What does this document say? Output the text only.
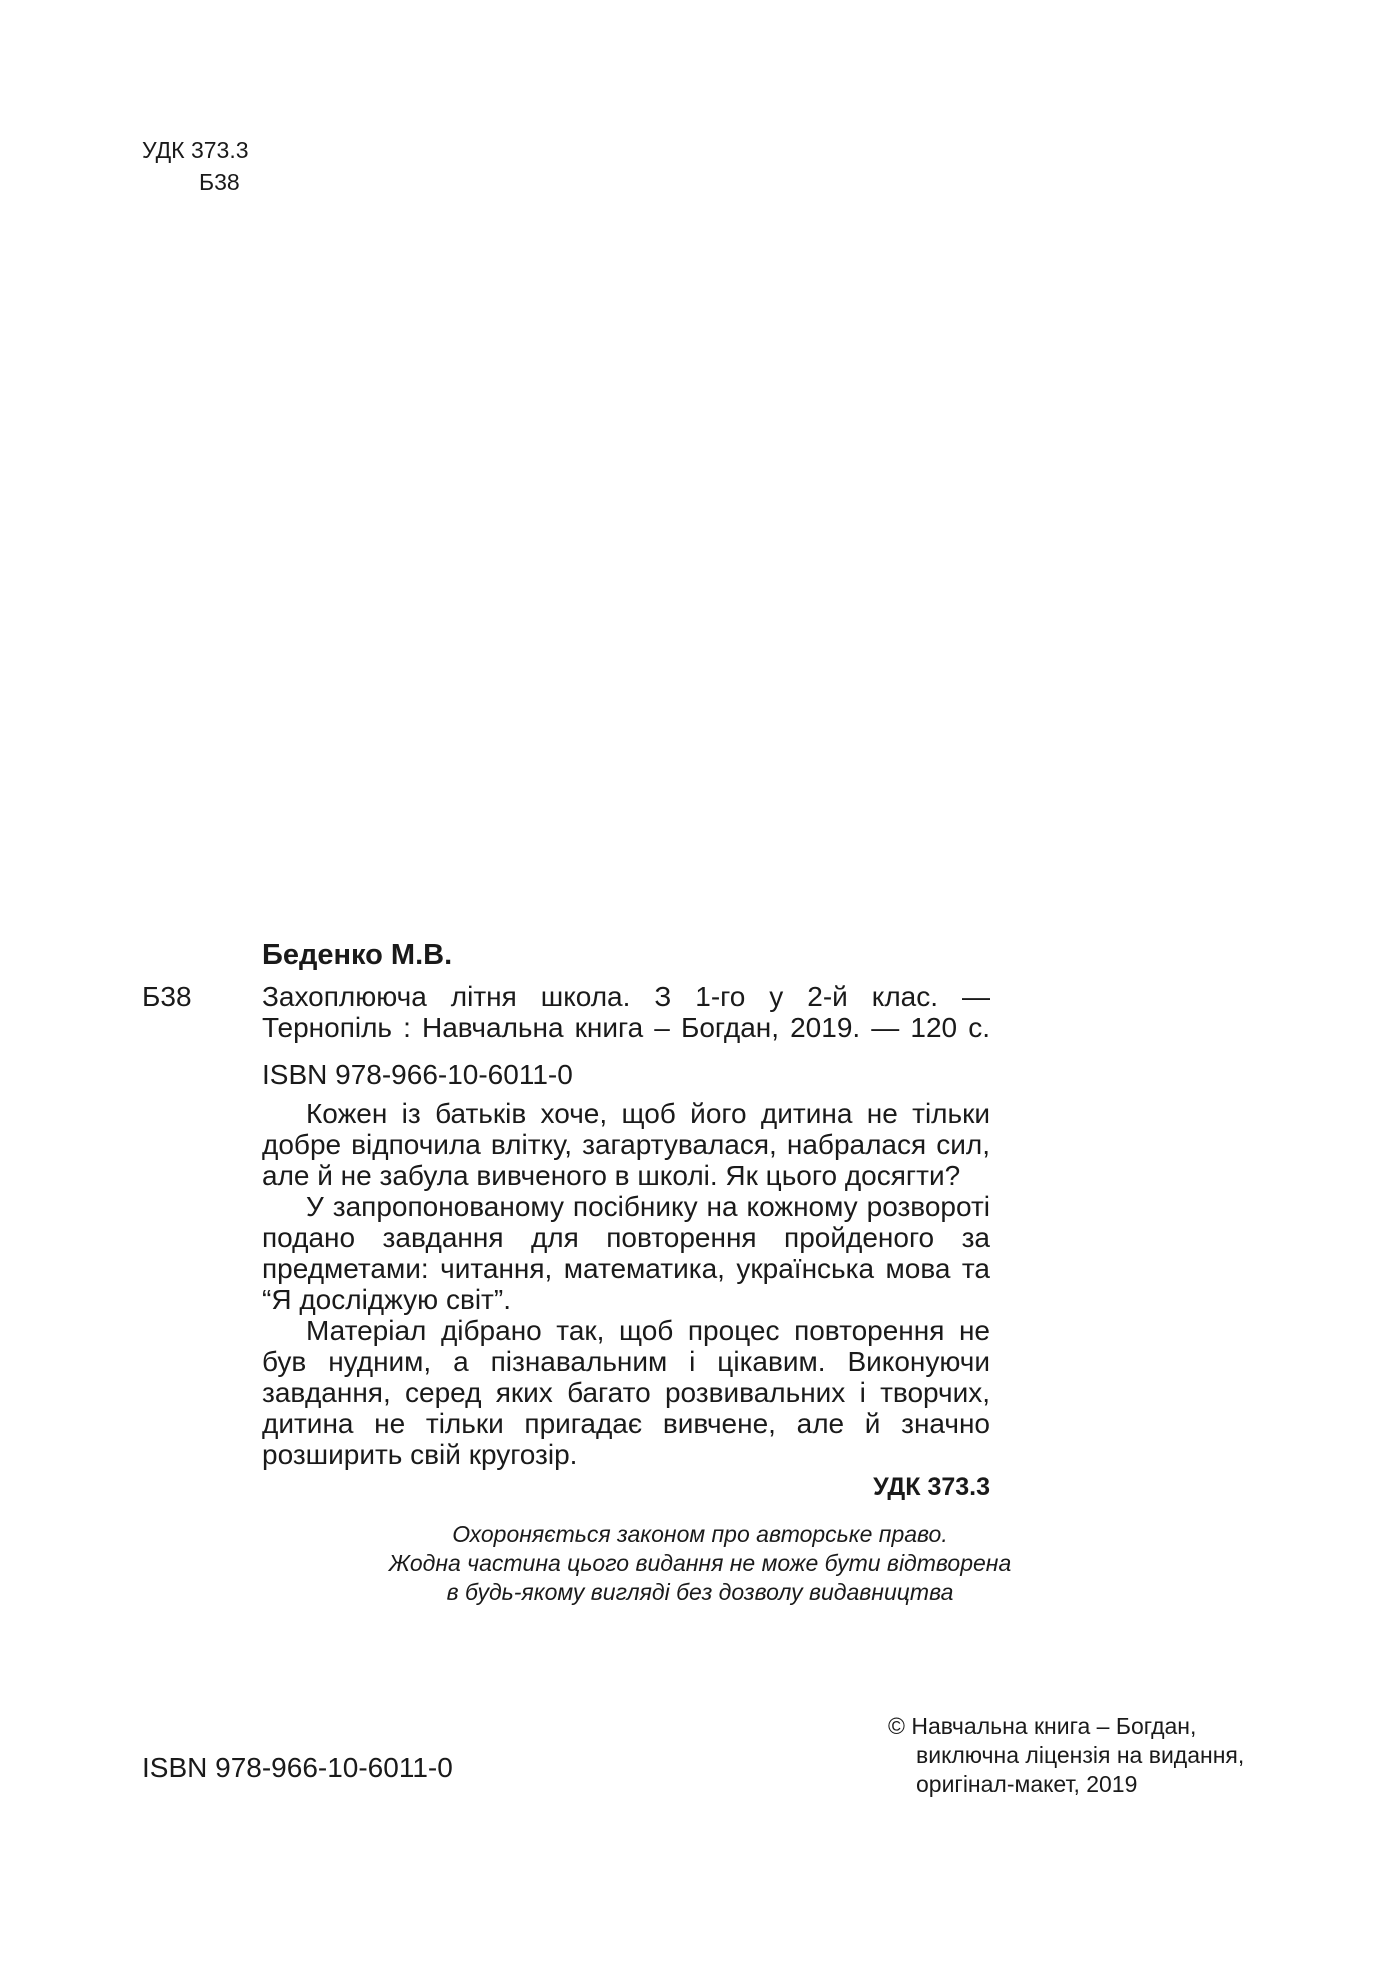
УДК 373.3
Б38
Беденко М.В.
Б38	Захоплююча літня школа. З 1-го у 2-й клас. —
Тернопіль : Навчальна книга – Богдан, 2019. — 120 с.
ISBN 978-966-10-6011-0

Кожен із батьків хоче, щоб його дитина не тільки добре відпочила влітку, загартувалася, набралася сил, але й не забула вивченого в школі. Як цього досягти?

У запропонованому посібнику на кожному розвороті подано завдання для повторення пройденого за предметами: читання, математика, українська мова та “Я досліджую світ”.

Матеріал дібрано так, щоб процес повторення не був нудним, а пізнавальним і цікавим. Виконуючи завдання, серед яких багато розвивальних і творчих, дитина не тільки пригадає вивчене, але й значно розширить свій кругозір.

УДК 373.3
Охороняється законом про авторське право.
Жодна частина цього видання не може бути відтворена
в будь-якому вигляді без дозволу видавництва
ISBN 978-966-10-6011-0
© Навчальна книга – Богдан,
виключна ліцензія на видання,
оригінал-макет, 2019
